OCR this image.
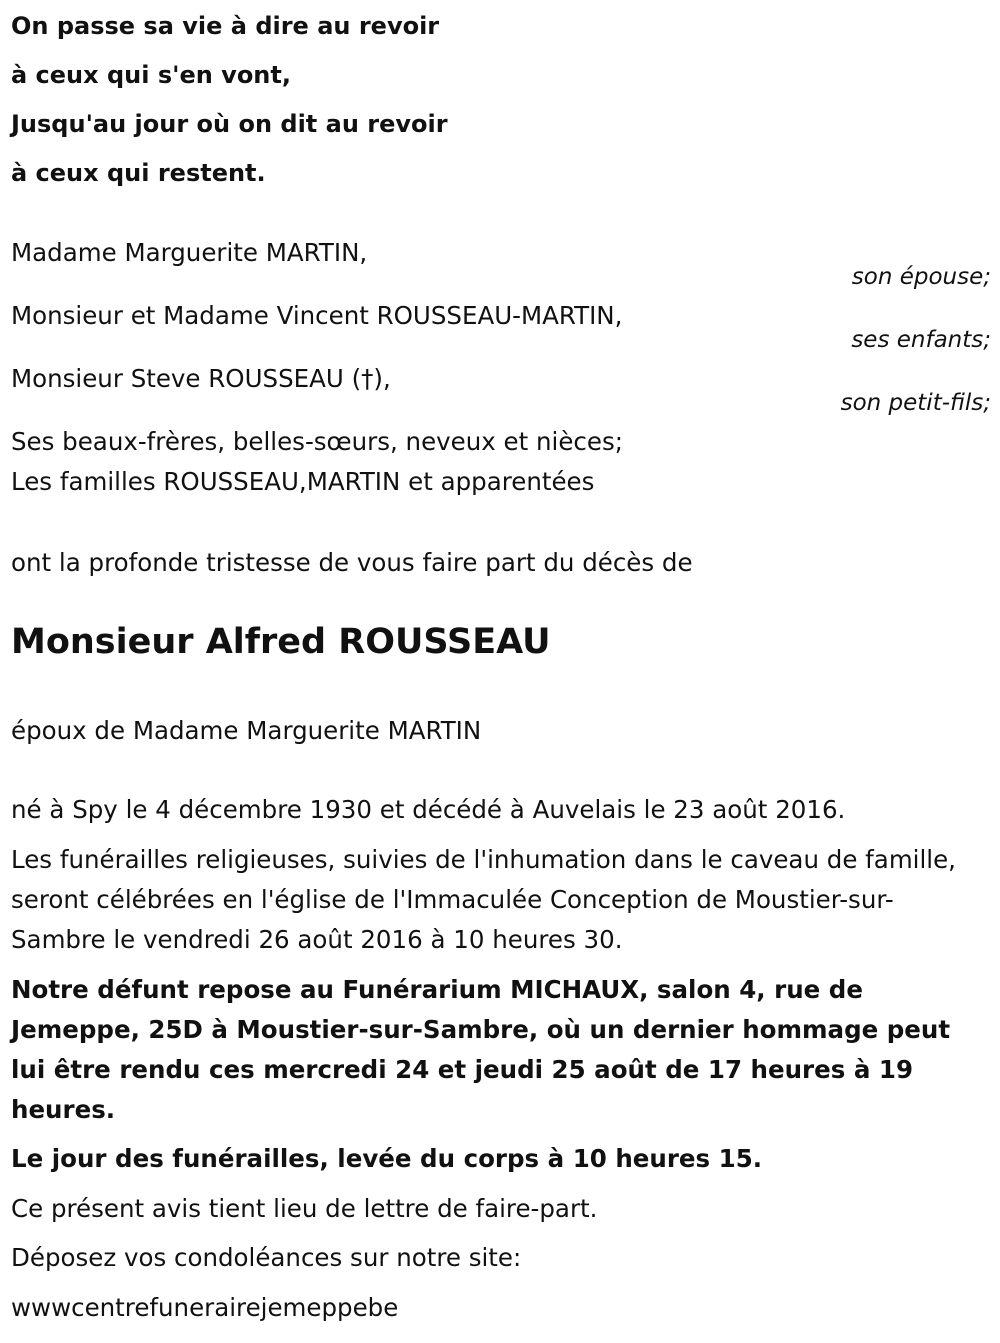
On passe sa vie à dire au revoir
à ceux qui s'en vont,
Jusqu'au jour où on dit au revoir
à ceux qui restent.
Madame Marguerite MARTIN,
son épouse;
Monsieur et Madame Vincent ROUSSEAU-MARTIN,
ses enfants;
Monsieur Steve ROUSSEAU (†),
son petit-fils;
Ses beaux-frères, belles-sœurs, neveux et nièces;
Les familles ROUSSEAU,MARTIN et apparentées
ont la profonde tristesse de vous faire part du décès de
Monsieur Alfred ROUSSEAU
époux de Madame Marguerite MARTIN
né à Spy le 4 décembre 1930 et décédé à Auvelais le 23 août 2016.
Les funérailles religieuses, suivies de l'inhumation dans le caveau de famille, seront célébrées en l'église de l'Immaculée Conception de Moustier-sur-Sambre le vendredi 26 août 2016 à 10 heures 30.
Notre défunt repose au Funérarium MICHAUX, salon 4, rue de Jemeppe, 25D à Moustier-sur-Sambre, où un dernier hommage peut lui être rendu ces mercredi 24 et jeudi 25 août de 17 heures à 19 heures.
Le jour des funérailles, levée du corps à 10 heures 15.
Ce présent avis tient lieu de lettre de faire-part.
Déposez vos condoléances sur notre site:
wwwcentrefunerairejemeppebe
